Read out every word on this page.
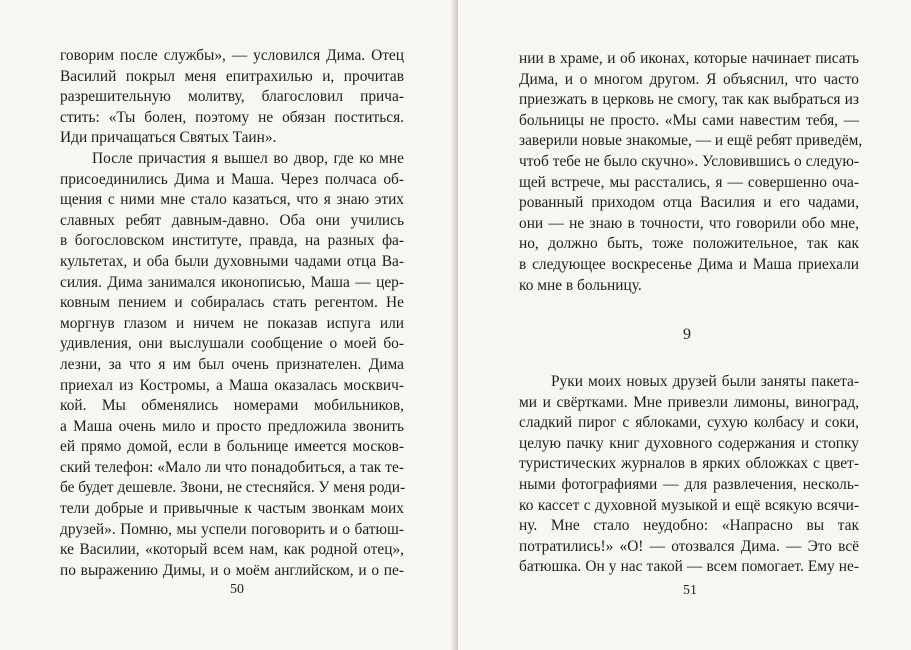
говорим после службы», — условился Дима. Отец
Василий покрыл меня епитрахилью и, прочитав
разрешительную молитву, благословил прича-
стить: «Ты болен, поэтому не обязан поститься.
Иди причащаться Святых Таин».
После причастия я вышел во двор, где ко мне
присоединились Дима и Маша. Через полчаса об-
щения с ними мне стало казаться, что я знаю этих
славных ребят давным-давно. Оба они учились
в богословском институте, правда, на разных фа-
культетах, и оба были духовными чадами отца Ва-
силия. Дима занимался иконописью, Маша — цер-
ковным пением и собиралась стать регентом. Не
моргнув глазом и ничем не показав испуга или
удивления, они выслушали сообщение о моей бо-
лезни, за что я им был очень признателен. Дима
приехал из Костромы, а Маша оказалась москвич-
кой. Мы обменялись номерами мобильников,
а Маша очень мило и просто предложила звонить
ей прямо домой, если в больнице имеется москов-
ский телефон: «Мало ли что понадобиться, а так те-
бе будет дешевле. Звони, не стесняйся. У меня роди-
тели добрые и привычные к частым звонкам моих
друзей». Помню, мы успели поговорить и о батюш-
ке Василии, «который всем нам, как родной отец»,
по выражению Димы, и о моём английском, и о пе-
50
нии в храме, и об иконах, которые начинает писать
Дима, и о многом другом. Я объяснил, что часто
приезжать в церковь не смогу, так как выбраться из
больницы не просто. «Мы сами навестим тебя, —
заверили новые знакомые, — и ещё ребят приведём,
чтоб тебе не было скучно». Условившись о следую-
щей встрече, мы расстались, я — совершенно оча-
рованный приходом отца Василия и его чадами,
они — не знаю в точности, что говорили обо мне,
но, должно быть, тоже положительное, так как
в следующее воскресенье Дима и Маша приехали
ко мне в больницу.
9
Руки моих новых друзей были заняты пакета-
ми и свёртками. Мне привезли лимоны, виноград,
сладкий пирог с яблоками, сухую колбасу и соки,
целую пачку книг духовного содержания и стопку
туристических журналов в ярких обложках с цвет-
ными фотографиями — для развлечения, несколь-
ко кассет с духовной музыкой и ещё всякую всячи-
ну. Мне стало неудобно: «Напрасно вы так
потратились!» «О! — отозвался Дима. — Это всё
батюшка. Он у нас такой — всем помогает. Ему не-
51
